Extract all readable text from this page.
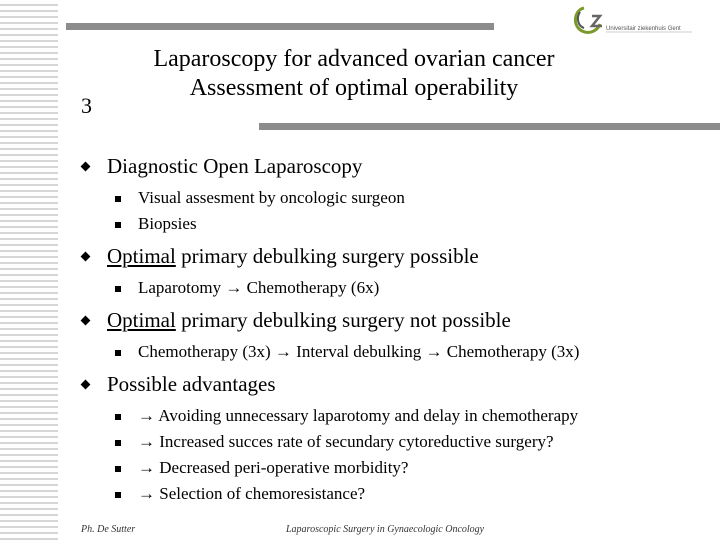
Universitair ziekenhuis Gent
Laparoscopy for advanced ovarian cancer
Assessment of optimal operability
3
Diagnostic Open Laparoscopy
Visual assesment by oncologic surgeon
Biopsies
Optimal primary debulking surgery possible
Laparotomy → Chemotherapy (6x)
Optimal primary debulking surgery not possible
Chemotherapy (3x) → Interval debulking → Chemotherapy (3x)
Possible advantages
→ Avoiding unnecessary laparotomy and delay in chemotherapy
→ Increased succes rate of secundary cytoreductive surgery?
→ Decreased peri-operative morbidity?
→ Selection of chemoresistance?
Ph. De Sutter	Laparoscopic Surgery in Gynaecologic Oncology
